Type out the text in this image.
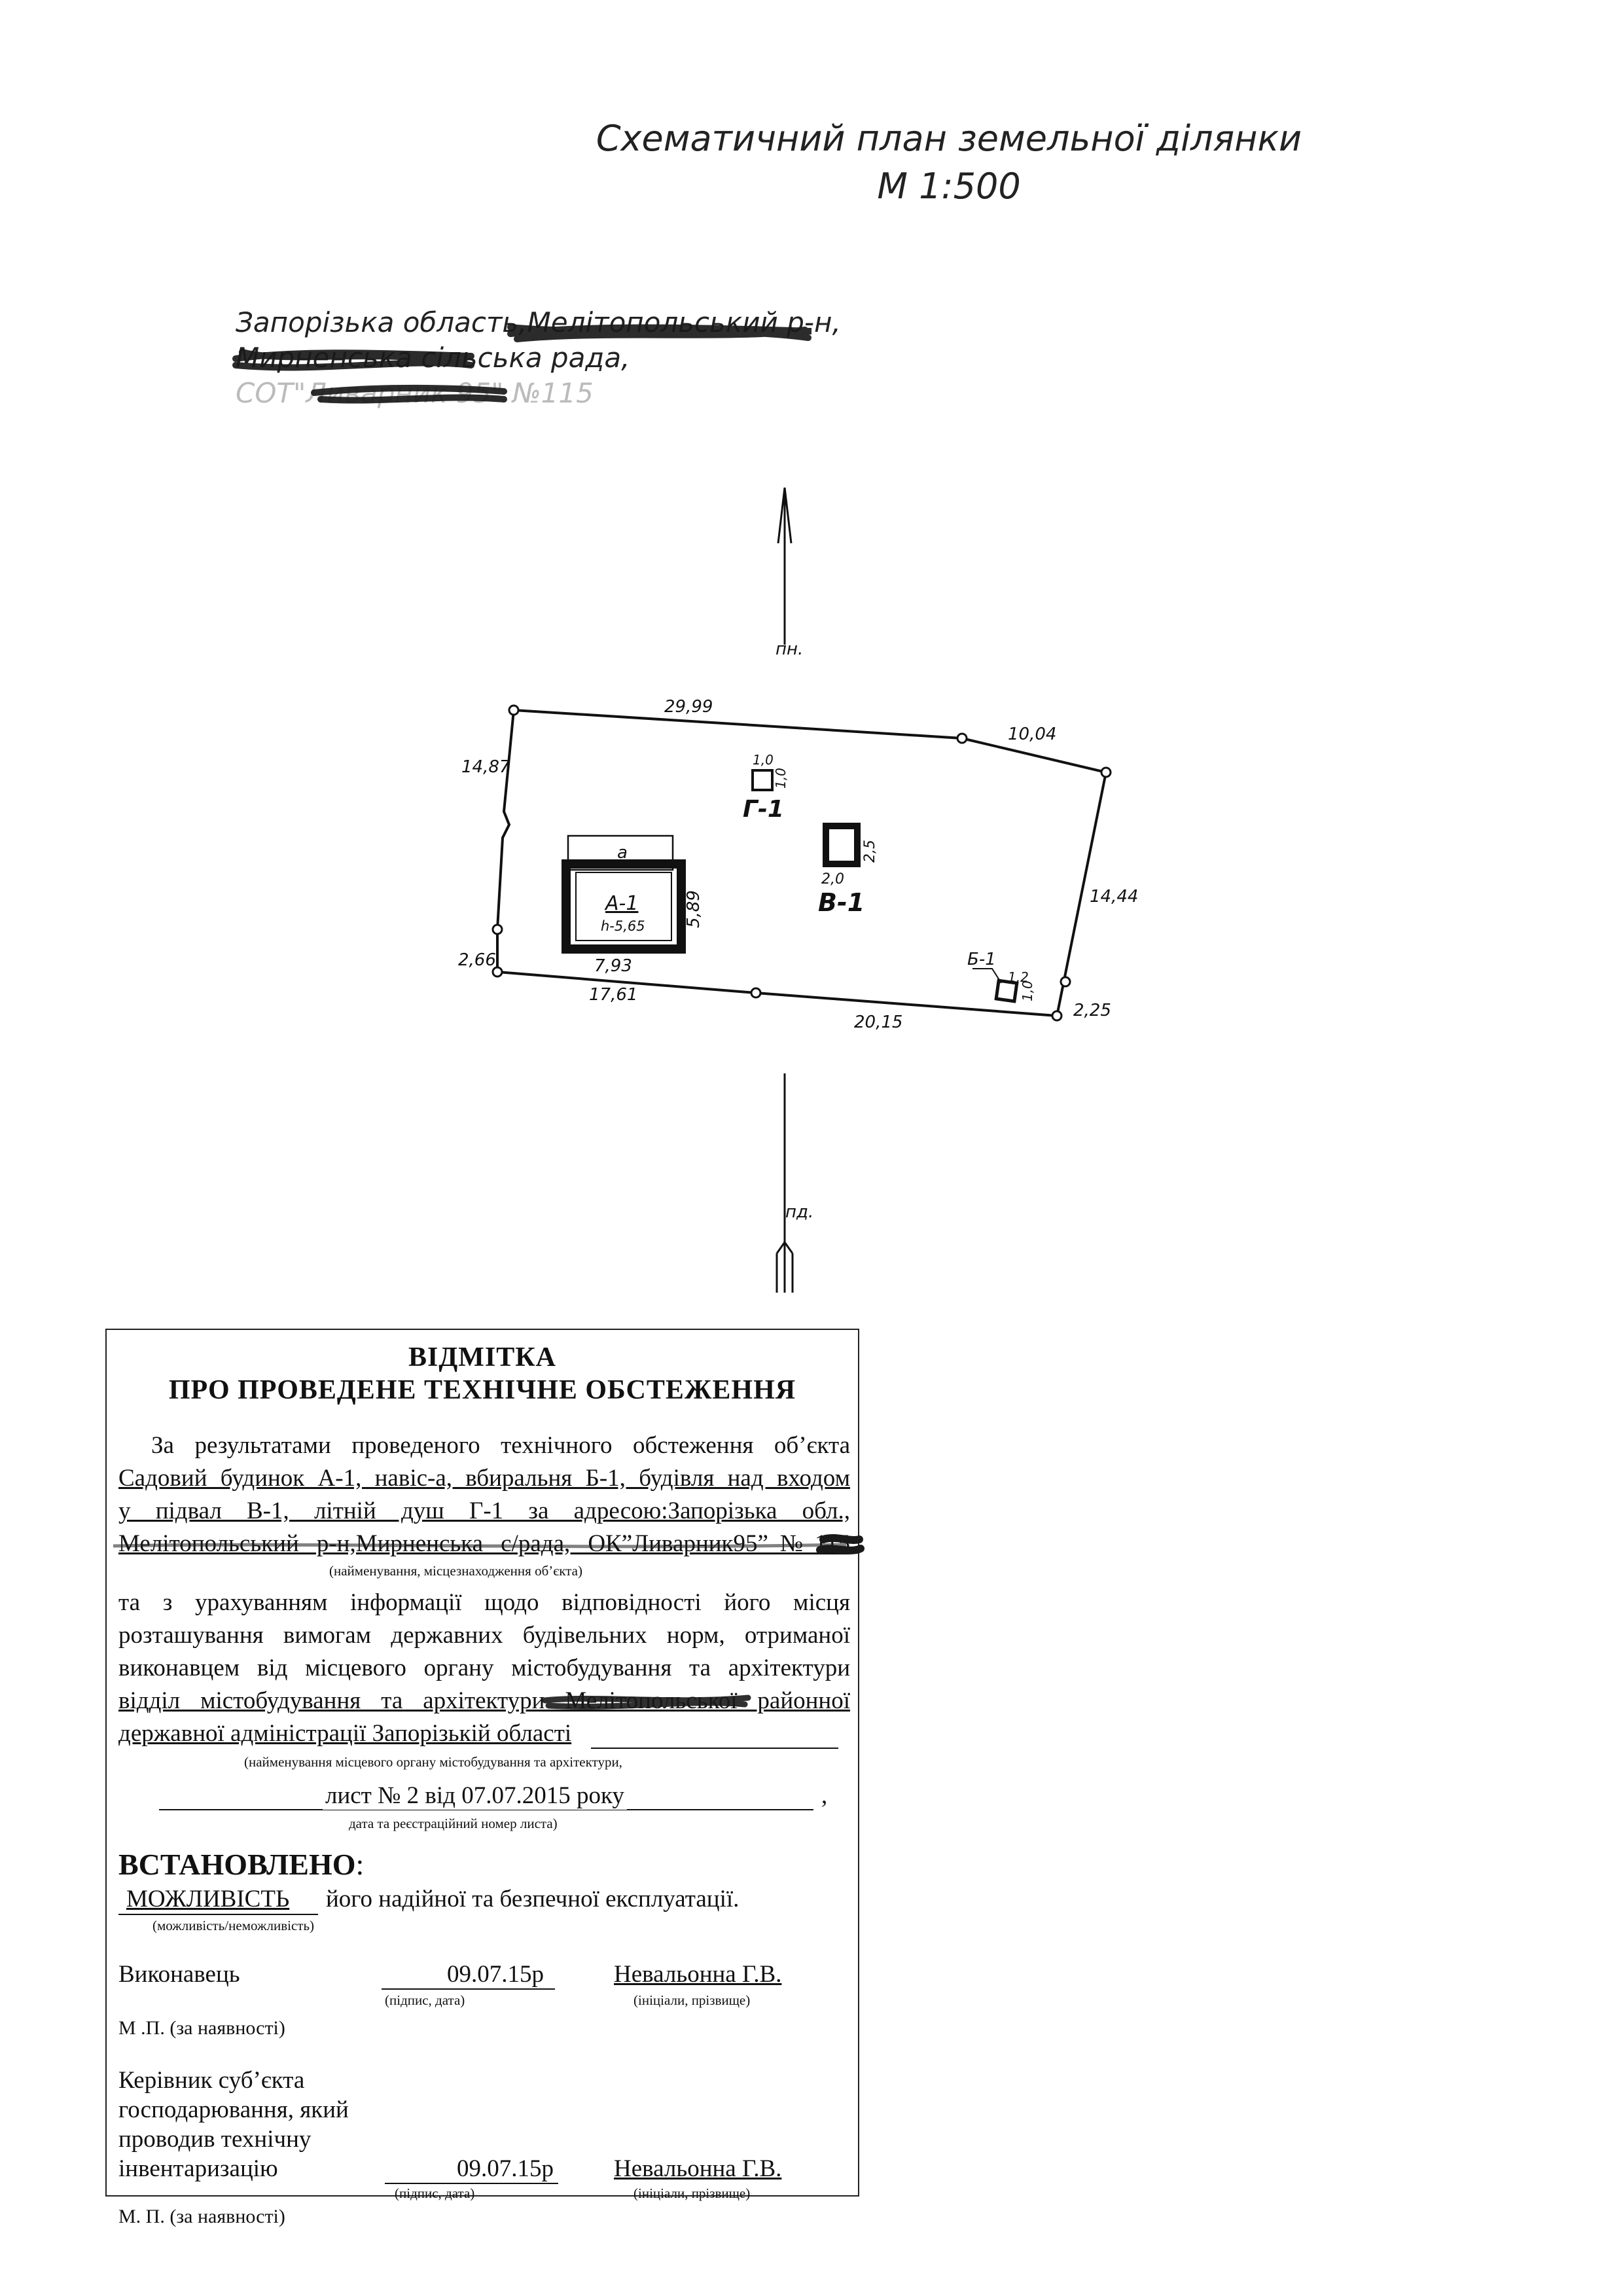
Схематичний план земельної ділянки
М 1:500
Запорізька область,Мелітопольський р-н,
Мирненська сільська рада,
СОТ"Ливарник 95" №115
пн.
пд.
29,99
10,04
14,87
2,66
14,44
17,61
20,15
2,25
а
А-1
h-5,65
7,93
5,89
2,0
2,5
В-1
1,0
1,0
Г-1
Б-1
1,2
1,0
ВІДМІТКА
ПРО ПРОВЕДЕНЕ ТЕХНІЧНЕ ОБСТЕЖЕННЯ
За результатами проведеного технічного обстеження об’єкта
Садовий будинок А-1, навіс-а, вбиральня Б-1, будівля над входом
у підвал В-1, літній душ Г-1 за адресою:Запорізька обл.,
Мелітопольський р-н,Мирненська с/рада, ОК”Ливарник95”№115
(найменування, місцезнаходження об’єкта)
та з урахуванням інформації щодо відповідності його місця
розташування вимогам державних будівельних норм, отриманої
виконавцем від місцевого органу містобудування та архітектури
відділ містобудування та архітектури Мелітопольської районної
державної адміністрації Запорізькій області
(найменування місцевого органу містобудування та архітектури,
лист № 2 від 07.07.2015 року	,
дата та реєстраційний номер листа)
ВСТАНОВЛЕНО:
МОЖЛИВІСТЬ його надійної та безпечної експлуатації.
(можливість/неможливість)
Виконавець	09.07.15р	Невальонна Г.В.
(підпис, дата)	(ініціали, прізвище)
М .П. (за наявності)
Керівник суб’єкта
господарювання, який
проводив технічну
інвентаризацію	09.07.15р Невальонна Г.В.
(підпис, дата)	(ініціали, прізвище)
М. П. (за наявності)
